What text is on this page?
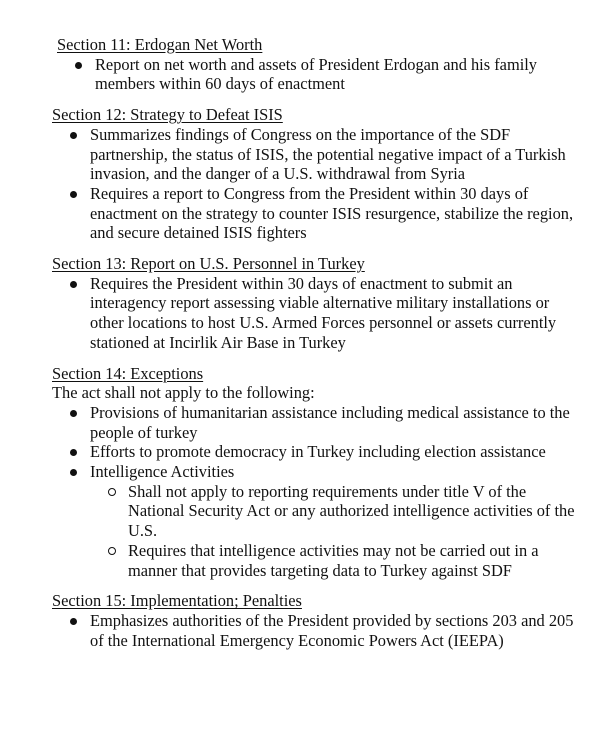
Section 11: Erdogan Net Worth
Report on net worth and assets of President Erdogan and his family members within 60 days of enactment
Section 12: Strategy to Defeat ISIS
Summarizes findings of Congress on the importance of the SDF partnership, the status of ISIS, the potential negative impact of a Turkish invasion, and the danger of a U.S. withdrawal from Syria
Requires a report to Congress from the President within 30 days of enactment on the strategy to counter ISIS resurgence, stabilize the region, and secure detained ISIS fighters
Section 13: Report on U.S. Personnel in Turkey
Requires the President within 30 days of enactment to submit an interagency report assessing viable alternative military installations or other locations to host U.S. Armed Forces personnel or assets currently stationed at Incirlik Air Base in Turkey
Section 14: Exceptions

The act shall not apply to the following:

Provisions of humanitarian assistance including medical assistance to the people of turkey
Efforts to promote democracy in Turkey including election assistance
Intelligence Activities
Shall not apply to reporting requirements under title V of the National Security Act or any authorized intelligence activities of the U.S.
Requires that intelligence activities may not be carried out in a manner that provides targeting data to Turkey against SDF
Section 15: Implementation; Penalties
Emphasizes authorities of the President provided by sections 203 and 205 of the International Emergency Economic Powers Act (IEEPA)
